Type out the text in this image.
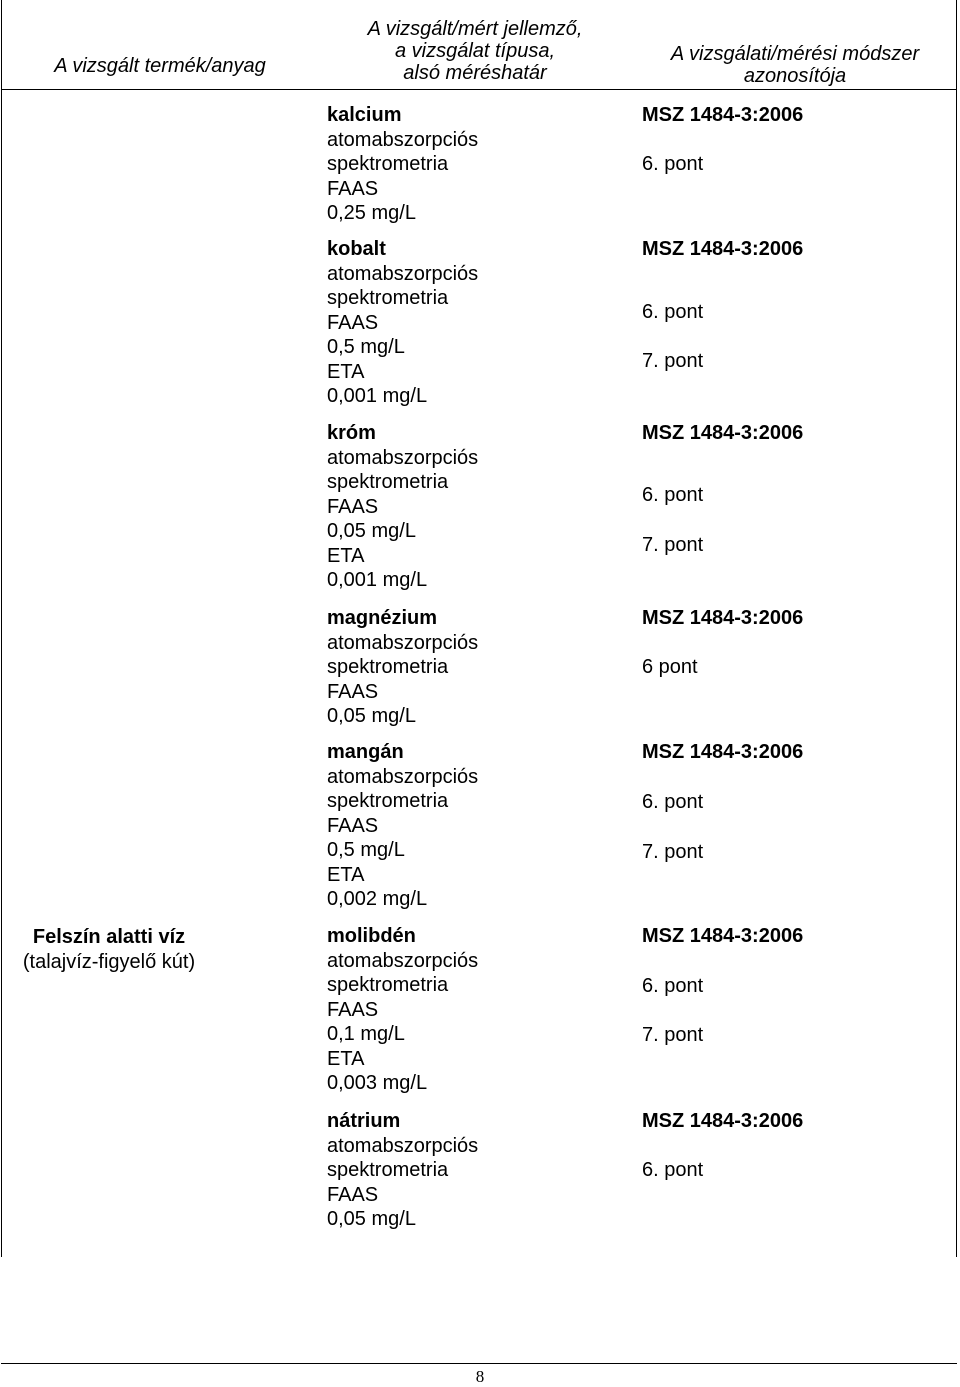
A vizsgált termék/anyag
A vizsgált/mért jellemző,
a vizsgálat típusa,
alsó méréshatár
A vizsgálati/mérési módszer
azonosítója
Felszín alatti víz
(talajvíz-figyelő kút)
kalcium
atomabszorpciós
spektrometria
FAAS
0,25 mg/L
MSZ 1484-3:2006
6. pont
kobalt
atomabszorpciós
spektrometria
FAAS
0,5 mg/L
ETA
0,001 mg/L
MSZ 1484-3:2006
6. pont
7. pont
króm
atomabszorpciós
spektrometria
FAAS
0,05 mg/L
ETA
0,001 mg/L
MSZ 1484-3:2006
6. pont
7. pont
magnézium
atomabszorpciós
spektrometria
FAAS
0,05 mg/L
MSZ 1484-3:2006
6 pont
mangán
atomabszorpciós
spektrometria
FAAS
0,5 mg/L
ETA
0,002 mg/L
MSZ 1484-3:2006
6. pont
7. pont
molibdén
atomabszorpciós
spektrometria
FAAS
0,1 mg/L
ETA
0,003 mg/L
MSZ 1484-3:2006
6. pont
7. pont
nátrium
atomabszorpciós
spektrometria
FAAS
0,05 mg/L
MSZ 1484-3:2006
6. pont
8
